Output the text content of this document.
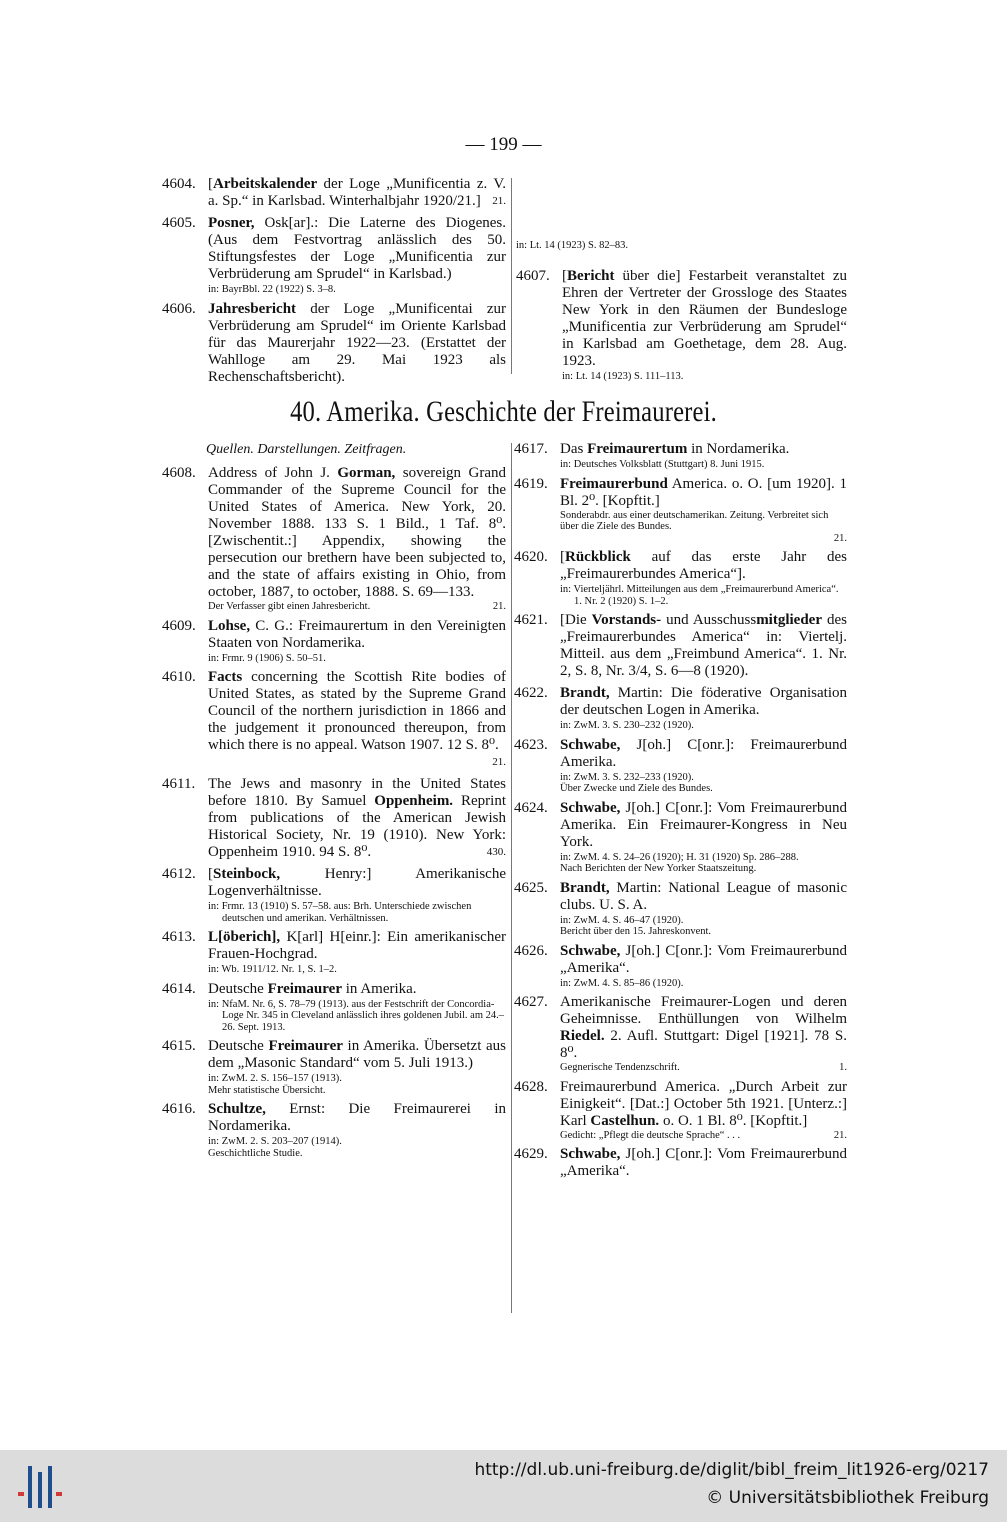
— 199 —
4604. [Arbeitskalender der Loge „Munificentia z. V. a. Sp.“ in Karlsbad. Winterhalbjahr 1920/21.] 21.

4605. Posner, Osk[ar].: Die Laterne des Diogenes. (Aus dem Festvortrag anlässlich des 50. Stiftungsfestes der Loge „Munificentia zur Verbrüderung am Sprudel“ in Karlsbad.)

in: BayrBbl. 22 (1922) S. 3–8.

4606. Jahresbericht der Loge „Munificentai zur Verbrüderung am Sprudel“ im Oriente Karlsbad für das Maurerjahr 1922—23. (Erstattet der Wahlloge am 29. Mai 1923 als Rechenschaftsbericht).

in: Lt. 14 (1923) S. 82–83.

4607. [Bericht über die] Festarbeit veranstaltet zu Ehren der Vertreter der Grossloge des Staates New York in den Räumen der Bundesloge „Munificentia zur Verbrüderung am Sprudel“ in Karlsbad am Goethetage, dem 28. Aug. 1923.

in: Lt. 14 (1923) S. 111–113.

40. Amerika. Geschichte der Freimaurerei.
Quellen. Darstellungen. Zeitfragen.
4608. Address of John J. Gorman, sovereign Grand Commander of the Supreme Council for the United States of America. New York, 20. November 1888. 133 S. 1 Bild., 1 Taf. 8⁰. [Zwischentit.:] Appendix, showing the persecution our brethern have been subjected to, and the state of affairs existing in Ohio, from october, 1887, to october, 1888. S. 69—133.

Der Verfasser gibt einen Jahresbericht.	21.
4609. Lohse, C. G.: Freimaurertum in den Vereinigten Staaten von Nordamerika.

in: Frmr. 9 (1906) S. 50–51.

4610. Facts concerning the Scottish Rite bodies of United States, as stated by the Supreme Grand Council of the northern jurisdiction in 1866 and the judgement it pronounced thereupon, from which there is no appeal. Watson 1907. 12 S. 8⁰.
21.

4611. The Jews and masonry in the United States before 1810. By Samuel Oppenheim. Reprint from publications of the American Jewish Historical Society, Nr. 19 (1910). New York: Oppenheim 1910. 94 S. 8⁰.	430.

4612. [Steinbock, Henry:] Amerikanische Logenverhältnisse.

in: Frmr. 13 (1910) S. 57–58. aus: Brh. Unterschiede zwischen deutschen und amerikan. Verhältnissen.

4613. L[öberich], K[arl] H[einr.]: Ein amerikanischer Frauen-Hochgrad.

in: Wb. 1911/12. Nr. 1, S. 1–2.

4614. Deutsche Freimaurer in Amerika.

in: NfaM. Nr. 6, S. 78–79 (1913). aus der Festschrift der Concordia-Loge Nr. 345 in Cleveland anlässlich ihres goldenen Jubil. am 24.–26. Sept. 1913.

4615. Deutsche Freimaurer in Amerika. Übersetzt aus dem „Masonic Standard“ vom 5. Juli 1913.)

in: ZwM. 2. S. 156–157 (1913).

Mehr statistische Übersicht.

4616. Schultze, Ernst: Die Freimaurerei in Nordamerika.

in: ZwM. 2. S. 203–207 (1914).

Geschichtliche Studie.

4617. Das Freimaurertum in Nordamerika.

in: Deutsches Volksblatt (Stuttgart) 8. Juni 1915.

4619. Freimaurerbund America. o. O. [um 1920]. 1 Bl. 2⁰. [Kopftit.]

Sonderabdr. aus einer deutschamerikan. Zeitung. Verbreitet sich über die Ziele des Bundes.

21.

4620. [Rückblick auf das erste Jahr des „Freimaurerbundes America“].

in: Vierteljährl. Mitteilungen aus dem „Freimaurerbund America“. 1. Nr. 2 (1920) S. 1–2.

4621. [Die Vorstands- und Ausschussmitglieder des „Freimaurerbundes America“ in: Viertelj. Mitteil. aus dem „Freimbund America“. 1. Nr. 2, S. 8, Nr. 3/4, S. 6—8 (1920).

4622. Brandt, Martin: Die föderative Organisation der deutschen Logen in Amerika.

in: ZwM. 3. S. 230–232 (1920).

4623. Schwabe, J[oh.] C[onr.]: Freimaurerbund Amerika.

in: ZwM. 3. S. 232–233 (1920).

Über Zwecke und Ziele des Bundes.

4624. Schwabe, J[oh.] C[onr.]: Vom Freimaurerbund Amerika. Ein Freimaurer-Kongress in Neu York.

in: ZwM. 4. S. 24–26 (1920); H. 31 (1920) Sp. 286–288.

Nach Berichten der New Yorker Staatszeitung.

4625. Brandt, Martin: National League of masonic clubs. U. S. A.

in: ZwM. 4. S. 46–47 (1920).

Bericht über den 15. Jahreskonvent.

4626. Schwabe, J[oh.] C[onr.]: Vom Freimaurerbund „Amerika“.

in: ZwM. 4. S. 85–86 (1920).

4627. Amerikanische Freimaurer-Logen und deren Geheimnisse. Enthüllungen von Wilhelm Riedel. 2. Aufl. Stuttgart: Digel [1921]. 78 S. 8⁰.

Gegnerische Tendenzschrift.	1.
4628. Freimaurerbund America. „Durch Arbeit zur Einigkeit“. [Dat.:] October 5th 1921. [Unterz.:] Karl Castelhun. o. O. 1 Bl. 8⁰. [Kopftit.]

Gedicht: „Pflegt die deutsche Sprache“ . . .	21.
4629. Schwabe, J[oh.] C[onr.]: Vom Freimaurerbund „Amerika“.

http://dl.ub.uni-freiburg.de/diglit/bibl_freim_lit1926-erg/0217
© Universitätsbibliothek Freiburg
